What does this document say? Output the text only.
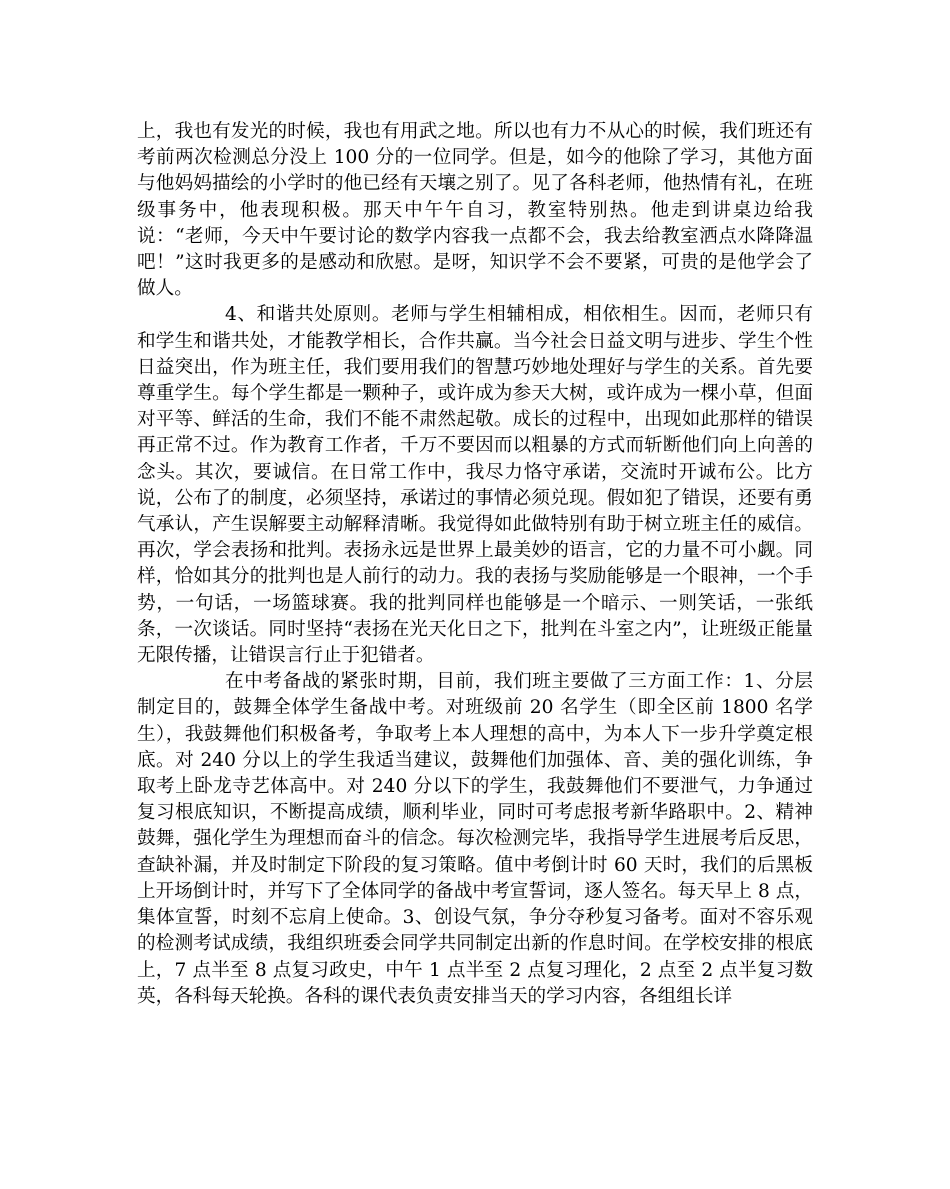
上，我也有发光的时候，我也有用武之地。所以也有力不从心的时候，我们班还有考前两次检测总分没上 100 分的一位同学。但是，如今的他除了学习，其他方面与他妈妈描绘的小学时的他已经有天壤之别了。见了各科老师，他热情有礼，在班级事务中，他表现积极。那天中午午自习，教室特别热。他走到讲桌边给我说：“老师，今天中午要讨论的数学内容我一点都不会，我去给教室洒点水降降温吧！”这时我更多的是感动和欣慰。是呀，知识学不会不要紧，可贵的是他学会了做人。

4、和谐共处原则。老师与学生相辅相成，相依相生。因而，老师只有和学生和谐共处，才能教学相长，合作共赢。当今社会日益文明与进步、学生个性日益突出，作为班主任，我们要用我们的智慧巧妙地处理好与学生的关系。首先要尊重学生。每个学生都是一颗种子，或许成为参天大树，或许成为一棵小草，但面对平等、鲜活的生命，我们不能不肃然起敬。成长的过程中，出现如此那样的错误再正常不过。作为教育工作者，千万不要因而以粗暴的方式而斩断他们向上向善的念头。其次，要诚信。在日常工作中，我尽力恪守承诺，交流时开诚布公。比方说，公布了的制度，必须坚持，承诺过的事情必须兑现。假如犯了错误，还要有勇气承认，产生误解要主动解释清晰。我觉得如此做特别有助于树立班主任的威信。再次，学会表扬和批判。表扬永远是世界上最美妙的语言，它的力量不可小觑。同样，恰如其分的批判也是人前行的动力。我的表扬与奖励能够是一个眼神，一个手势，一句话，一场篮球赛。我的批判同样也能够是一个暗示、一则笑话，一张纸条，一次谈话。同时坚持“表扬在光天化日之下，批判在斗室之内”，让班级正能量无限传播，让错误言行止于犯错者。

在中考备战的紧张时期，目前，我们班主要做了三方面工作：1、分层制定目的，鼓舞全体学生备战中考。对班级前 20 名学生（即全区前 1800 名学生），我鼓舞他们积极备考，争取考上本人理想的高中，为本人下一步升学奠定根底。对 240 分以上的学生我适当建议，鼓舞他们加强体、音、美的强化训练，争取考上卧龙寺艺体高中。对 240 分以下的学生，我鼓舞他们不要泄气，力争通过复习根底知识，不断提高成绩，顺利毕业，同时可考虑报考新华路职中。2、精神鼓舞，强化学生为理想而奋斗的信念。每次检测完毕，我指导学生进展考后反思，查缺补漏，并及时制定下阶段的复习策略。值中考倒计时 60 天时，我们的后黑板上开场倒计时，并写下了全体同学的备战中考宣誓词，逐人签名。每天早上 8 点，集体宣誓，时刻不忘肩上使命。3、创设气氛，争分夺秒复习备考。面对不容乐观的检测考试成绩，我组织班委会同学共同制定出新的作息时间。在学校安排的根底上，7 点半至 8 点复习政史，中午 1 点半至 2 点复习理化，2 点至 2 点半复习数英，各科每天轮换。各科的课代表负责安排当天的学习内容，各组组长详
